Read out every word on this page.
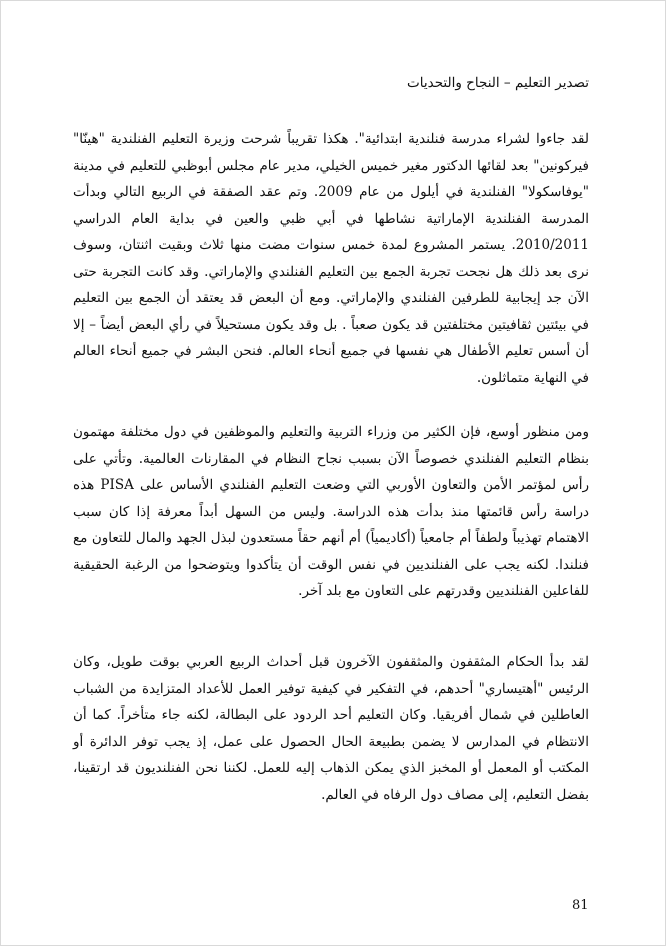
تصدير التعليم – النجاح والتحديات

لقد جاءوا لشراء مدرسة فنلندية ابتدائية". هكذا تقريباً شرحت وزيرة التعليم الفنلندية "هينّا" فيركونين" بعد لقائها الدكتور مغير خميس الخيلي، مدير عام مجلس أبوظبي للتعليم في مدينة "يوفاسكولا" الفنلندية في أيلول من عام 2009. وتم عقد الصفقة في الربيع التالي وبدأت المدرسة الفنلندية الإماراتية نشاطها في أبي ظبي والعين في بداية العام الدراسي 2010/2011. يستمر المشروع لمدة خمس سنوات مضت منها ثلاث وبقيت اثنتان، وسوف نرى بعد ذلك هل نجحت تجربة الجمع بين التعليم الفنلندي والإماراتي. وقد كانت التجربة حتى الآن جد إيجابية للطرفين الفنلندي والإماراتي. ومع أن البعض قد يعتقد أن الجمع بين التعليم في بيئتين ثقافيتين مختلفتين قد يكون صعباً . بل وقد يكون مستحيلاً في رأي البعض أيضاً – إلا أن أسس تعليم الأطفال هي نفسها في جميع أنحاء العالم. فنحن البشر في جميع أنحاء العالم في النهاية متماثلون.

ومن منظور أوسع، فإن الكثير من وزراء التربية والتعليم والموظفين في دول مختلفة مهتمون بنظام التعليم الفنلندي خصوصاً الآن بسبب نجاح النظام في المقارنات العالمية. وتأتي على رأس لمؤتمر الأمن والتعاون الأوربي التي وضعت التعليم الفنلندي الأساس على PISA هذه دراسة رأس قائمتها منذ بدأت هذه الدراسة. وليس من السهل أبداً معرفة إذا كان سبب الاهتمام تهذيباً ولطفاً أم جامعياً (أكاديمياً) أم أنهم حقاً مستعدون لبذل الجهد والمال للتعاون مع فنلندا. لكنه يجب على الفنلنديين في نفس الوقت أن يتأكدوا ويتوضحوا من الرغبة الحقيقية للفاعلين الفنلنديين وقدرتهم على التعاون مع بلد آخر.

لقد بدأ الحكام المثقفون والمثقفون الآخرون قبل أحداث الربيع العربي بوقت طويل، وكان الرئيس "أهتيساري" أحدهم، في التفكير في كيفية توفير العمل للأعداد المتزايدة من الشباب العاطلين في شمال أفريقيا. وكان التعليم أحد الردود على البطالة، لكنه جاء متأخراً. كما أن الانتظام في المدارس لا يضمن بطبيعة الحال الحصول على عمل، إذ يجب توفر الدائرة أو المكتب أو المعمل أو المخبز الذي يمكن الذهاب إليه للعمل. لكننا نحن الفنلنديون قد ارتقينا، بفضل التعليم، إلى مصاف دول الرفاه في العالم.

81
